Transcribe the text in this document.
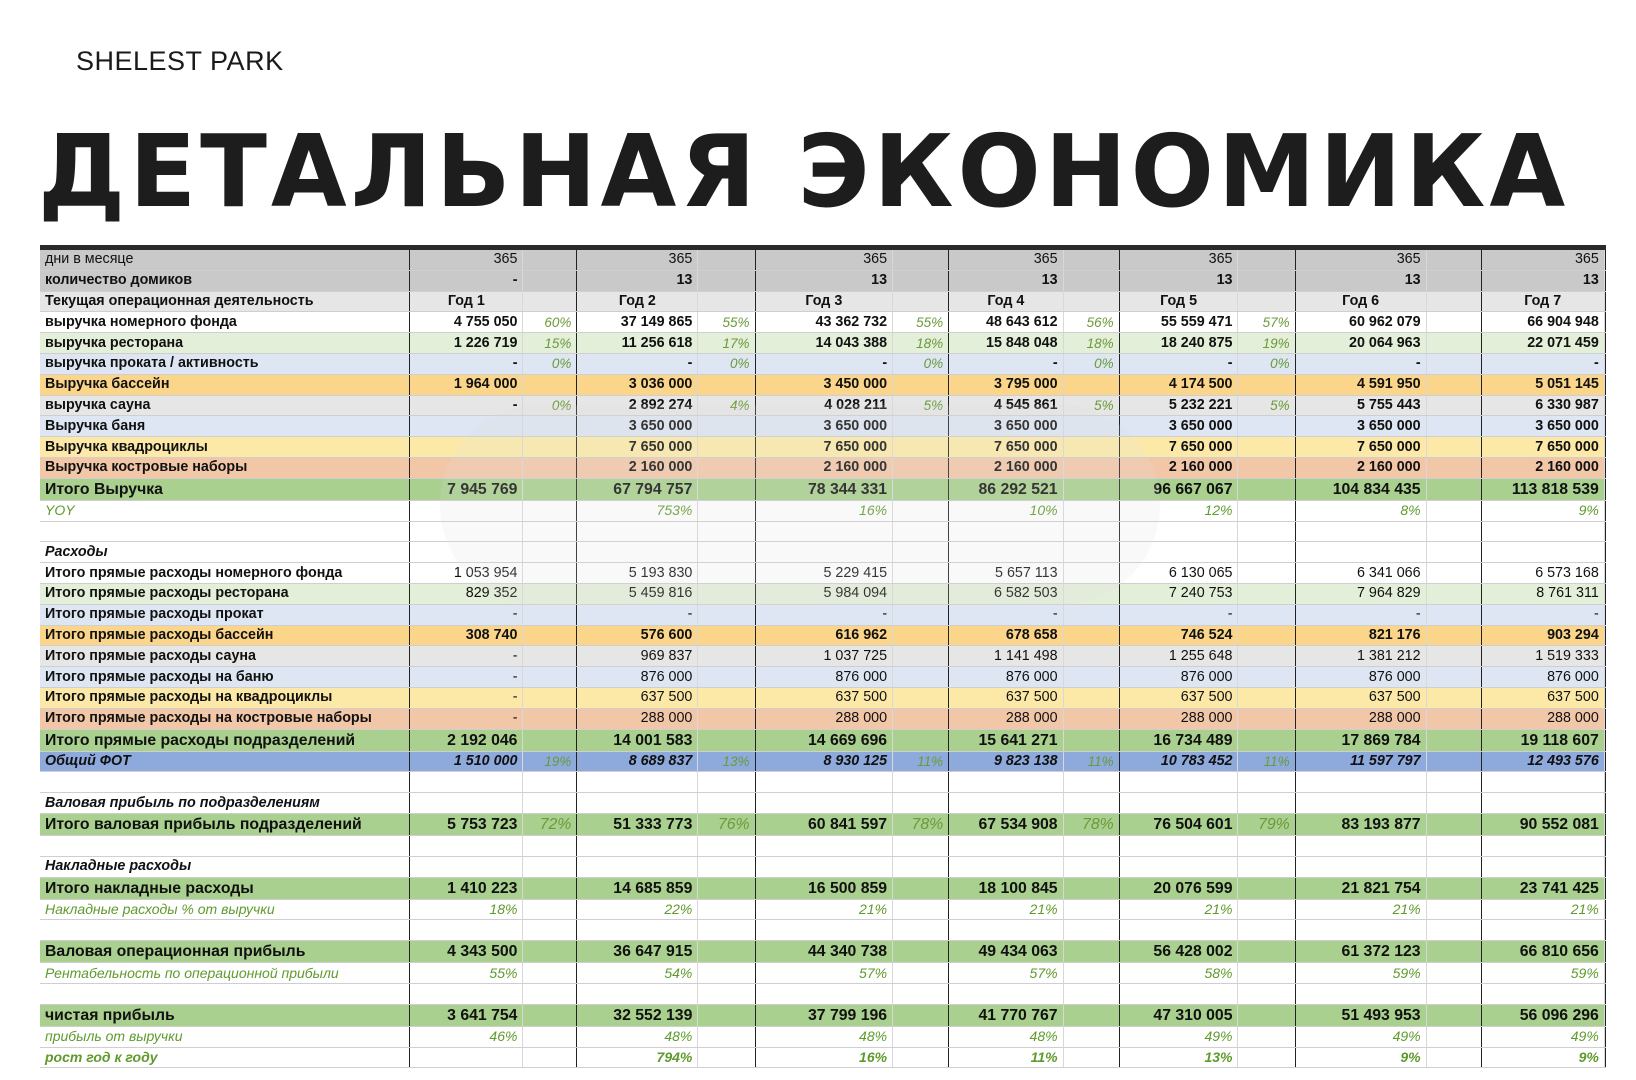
SHELEST PARK
ДЕТАЛЬНАЯ ЭКОНОМИКА
дни в месяце	365		365		365		365		365		365		365	
количество домиков	-		13		13		13		13		13		13	
Текущая операционная деятельность	Год 1		Год 2		Год 3		Год 4		Год 5		Год 6		Год 7	
выручка номерного фонда	4 755 050	60%	37 149 865	55%	43 362 732	55%	48 643 612	56%	55 559 471	57%	60 962 079		66 904 948	
выручка ресторана	1 226 719	15%	11 256 618	17%	14 043 388	18%	15 848 048	18%	18 240 875	19%	20 064 963		22 071 459	
выручка проката / активность	-	0%	-	0%	-	0%	-	0%	-	0%	-		-	
Выручка бассейн	1 964 000		3 036 000		3 450 000		3 795 000		4 174 500		4 591 950		5 051 145	
выручка сауна	-	0%	2 892 274	4%	4 028 211	5%	4 545 861	5%	5 232 221	5%	5 755 443		6 330 987	
Выручка баня			3 650 000		3 650 000		3 650 000		3 650 000		3 650 000		3 650 000	
Выручка квадроциклы			7 650 000		7 650 000		7 650 000		7 650 000		7 650 000		7 650 000	
Выручка костровые наборы			2 160 000		2 160 000		2 160 000		2 160 000		2 160 000		2 160 000	
Итого Выручка	7 945 769		67 794 757		78 344 331		86 292 521		96 667 067		104 834 435		113 818 539	
YOY			753%		16%		10%		12%		8%		9%	

Расходы														
Итого прямые расходы номерного фонда	1 053 954		5 193 830		5 229 415		5 657 113		6 130 065		6 341 066		6 573 168	
Итого прямые расходы ресторана	829 352		5 459 816		5 984 094		6 582 503		7 240 753		7 964 829		8 761 311	
Итого прямые расходы прокат	-		-		-		-		-		-		-	
Итого прямые расходы бассейн	308 740		576 600		616 962		678 658		746 524		821 176		903 294	
Итого прямые расходы сауна	-		969 837		1 037 725		1 141 498		1 255 648		1 381 212		1 519 333	
Итого прямые расходы на баню	-		876 000		876 000		876 000		876 000		876 000		876 000	
Итого прямые расходы на квадроциклы	-		637 500		637 500		637 500		637 500		637 500		637 500	
Итого прямые расходы на костровые наборы	-		288 000		288 000		288 000		288 000		288 000		288 000	
Итого прямые расходы подразделений	2 192 046		14 001 583		14 669 696		15 641 271		16 734 489		17 869 784		19 118 607	
Общий ФОТ	1 510 000	19%	8 689 837	13%	8 930 125	11%	9 823 138	11%	10 783 452	11%	11 597 797		12 493 576	

Валовая прибыль по подразделениям														
Итого валовая прибыль подразделений	5 753 723	72%	51 333 773	76%	60 841 597	78%	67 534 908	78%	76 504 601	79%	83 193 877		90 552 081	

Накладные расходы														
Итого накладные расходы	1 410 223		14 685 859		16 500 859		18 100 845		20 076 599		21 821 754		23 741 425	
Накладные расходы % от выручки	18%		22%		21%		21%		21%		21%		21%	

Валовая операционная прибыль	4 343 500		36 647 915		44 340 738		49 434 063		56 428 002		61 372 123		66 810 656	
Рентабельность по операционной прибыли	55%		54%		57%		57%		58%		59%		59%	

чистая прибыль	3 641 754		32 552 139		37 799 196		41 770 767		47 310 005		51 493 953		56 096 296	
прибыль от выручки	46%		48%		48%		48%		49%		49%		49%	
рост год к году			794%		16%		11%		13%		9%		9%	
